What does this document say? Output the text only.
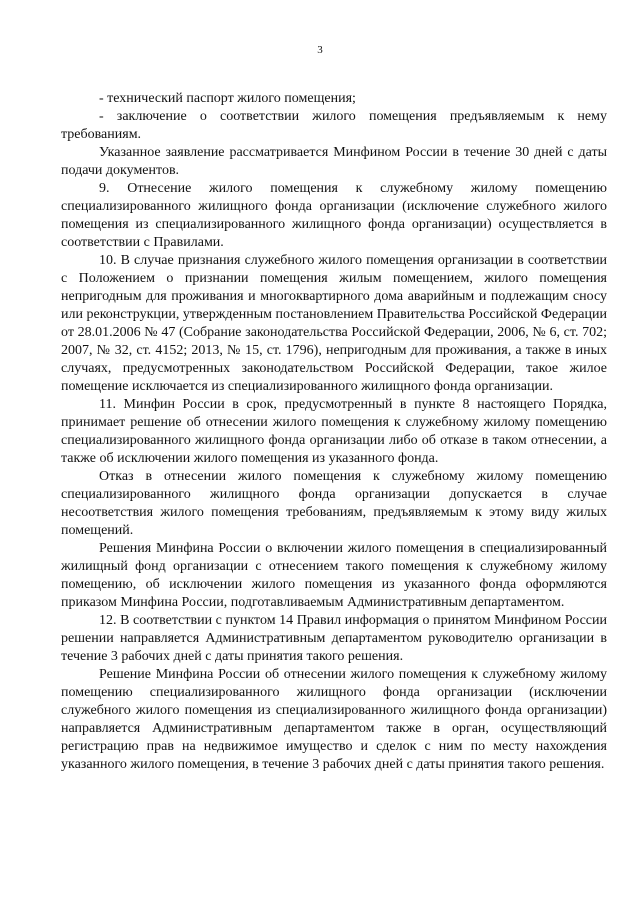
3

- технический паспорт жилого помещения;

- заключение о соответствии жилого помещения предъявляемым к нему требованиям.

Указанное заявление рассматривается Минфином России в течение 30 дней с даты подачи документов.

9. Отнесение жилого помещения к служебному жилому помещению специализированного жилищного фонда организации (исключение служебного жилого помещения из специализированного жилищного фонда организации) осуществляется в соответствии с Правилами.

10. В случае признания служебного жилого помещения организации в соответствии с Положением о признании помещения жилым помещением, жилого помещения непригодным для проживания и многоквартирного дома аварийным и подлежащим сносу или реконструкции, утвержденным постановлением Правительства Российской Федерации от 28.01.2006 № 47 (Собрание законодательства Российской Федерации, 2006, № 6, ст. 702; 2007, № 32, ст. 4152; 2013, № 15, ст. 1796), непригодным для проживания, а также в иных случаях, предусмотренных законодательством Российской Федерации, такое жилое помещение исключается из специализированного жилищного фонда организации.

11. Минфин России в срок, предусмотренный в пункте 8 настоящего Порядка, принимает решение об отнесении жилого помещения к служебному жилому помещению специализированного жилищного фонда организации либо об отказе в таком отнесении, а также об исключении жилого помещения из указанного фонда.

Отказ в отнесении жилого помещения к служебному жилому помещению специализированного жилищного фонда организации допускается в случае несоответствия жилого помещения требованиям, предъявляемым к этому виду жилых помещений.

Решения Минфина России о включении жилого помещения в специализированный жилищный фонд организации с отнесением такого помещения к служебному жилому помещению, об исключении жилого помещения из указанного фонда оформляются приказом Минфина России, подготавливаемым Административным департаментом.

12. В соответствии с пунктом 14 Правил информация о принятом Минфином России решении направляется Административным департаментом руководителю организации в течение 3 рабочих дней с даты принятия такого решения.

Решение Минфина России об отнесении жилого помещения к служебному жилому помещению специализированного жилищного фонда организации (исключении служебного жилого помещения из специализированного жилищного фонда организации) направляется Административным департаментом также в орган, осуществляющий регистрацию прав на недвижимое имущество и сделок с ним по месту нахождения указанного жилого помещения, в течение 3 рабочих дней с даты принятия такого решения.
